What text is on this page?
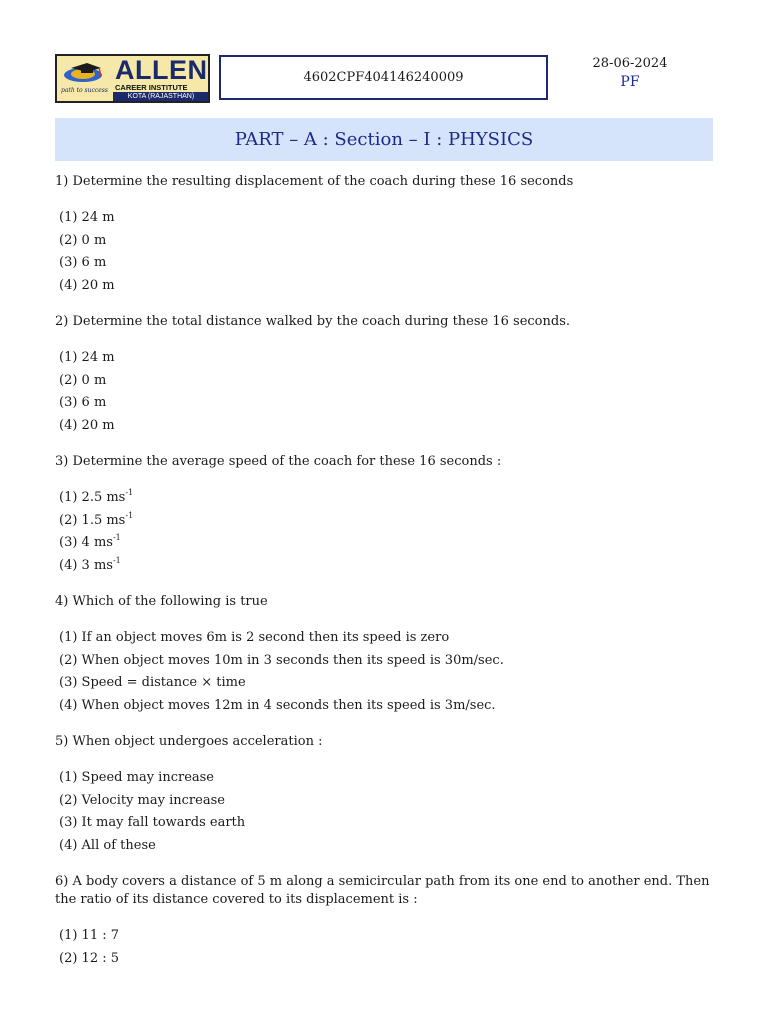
path to success
ALLEN
CAREER INSTITUTE
KOTA (RAJASTHAN)
4602CPF404146240009
28-06-2024
PF
PART – A : Section – I : PHYSICS

1) Determine the resulting displacement of the coach during these 16 seconds

(1) 24 m
(2) 0 m
(3) 6 m
(4) 20 m

2) Determine the total distance walked by the coach during these 16 seconds.

(1) 24 m
(2) 0 m
(3) 6 m
(4) 20 m

3) Determine the average speed of the coach for these 16 seconds :

(1) 2.5 $ms^{-1}$
(2) 1.5 $ms^{-1}$
(3) 4 $ms^{-1}$
(4) 3 $ms^{-1}$

4) Which of the following is true

(1) If an object moves 6m is 2 second then its speed is zero
(2) When object moves 10m in 3 seconds then its speed is 30m/sec.
(3) Speed = distance × time
(4) When object moves 12m in 4 seconds then its speed is 3m/sec.

5) When object undergoes acceleration :

(1) Speed may increase
(2) Velocity may increase
(3) It may fall towards earth
(4) All of these

6) A body covers a distance of 5 m along a semicircular path from its one end to another end. Then the ratio of its distance covered to its displacement is :

(1) 11 : 7
(2) 12 : 5
